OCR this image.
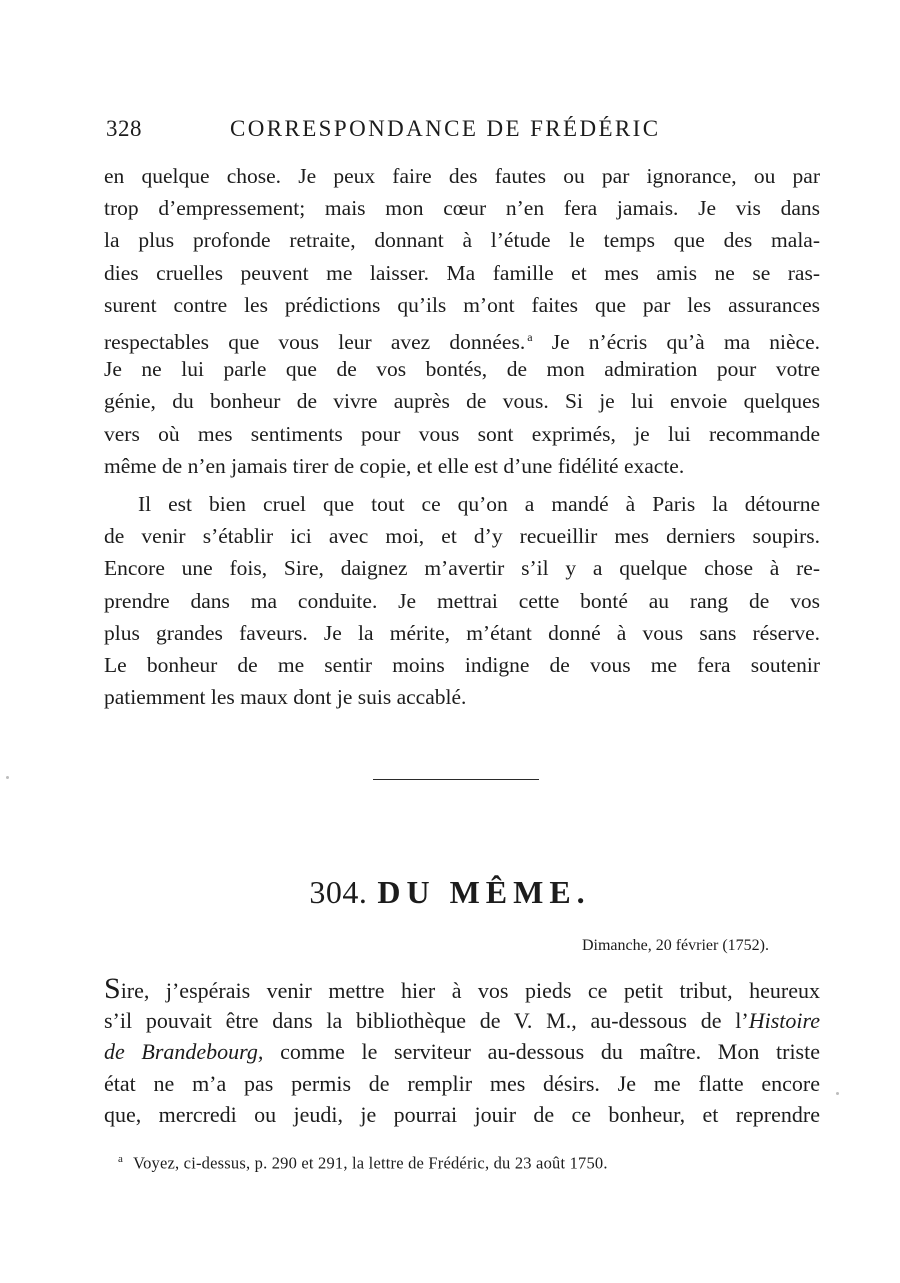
328	CORRESPONDANCE DE FRÉDÉRIC
en quelque chose. Je peux faire des fautes ou par ignorance, ou par
trop d’empressement; mais mon cœur n’en fera jamais. Je vis dans
la plus profonde retraite, donnant à l’étude le temps que des mala-
dies cruelles peuvent me laisser. Ma famille et mes amis ne se ras-
surent contre les prédictions qu’ils m’ont faites que par les assurances
respectables que vous leur avez données. $^a$ Je n’écris qu’à ma nièce.
Je ne lui parle que de vos bontés, de mon admiration pour votre
génie, du bonheur de vivre auprès de vous. Si je lui envoie quelques
vers où mes sentiments pour vous sont exprimés, je lui recommande
même de n’en jamais tirer de copie, et elle est d’une fidélité exacte.
Il est bien cruel que tout ce qu’on a mandé à Paris la détourne
de venir s’établir ici avec moi, et d’y recueillir mes derniers soupirs.
Encore une fois, Sire, daignez m’avertir s’il y a quelque chose à re-
prendre dans ma conduite. Je mettrai cette bonté au rang de vos
plus grandes faveurs. Je la mérite, m’étant donné à vous sans réserve.
Le bonheur de me sentir moins indigne de vous me fera soutenir
patiemment les maux dont je suis accablé.
304. DU MÊME.
Dimanche, 20 février (1752).
Sire, j’espérais venir mettre hier à vos pieds ce petit tribut, heureux
s’il pouvait être dans la bibliothèque de V. M., au-dessous de l’Histoire
de Brandebourg, comme le serviteur au-dessous du maître. Mon triste
état ne m’a pas permis de remplir mes désirs. Je me flatte encore
que, mercredi ou jeudi, je pourrai jouir de ce bonheur, et reprendre
$^a$ Voyez, ci-dessus, p. 290 et 291, la lettre de Frédéric, du 23 août 1750.
